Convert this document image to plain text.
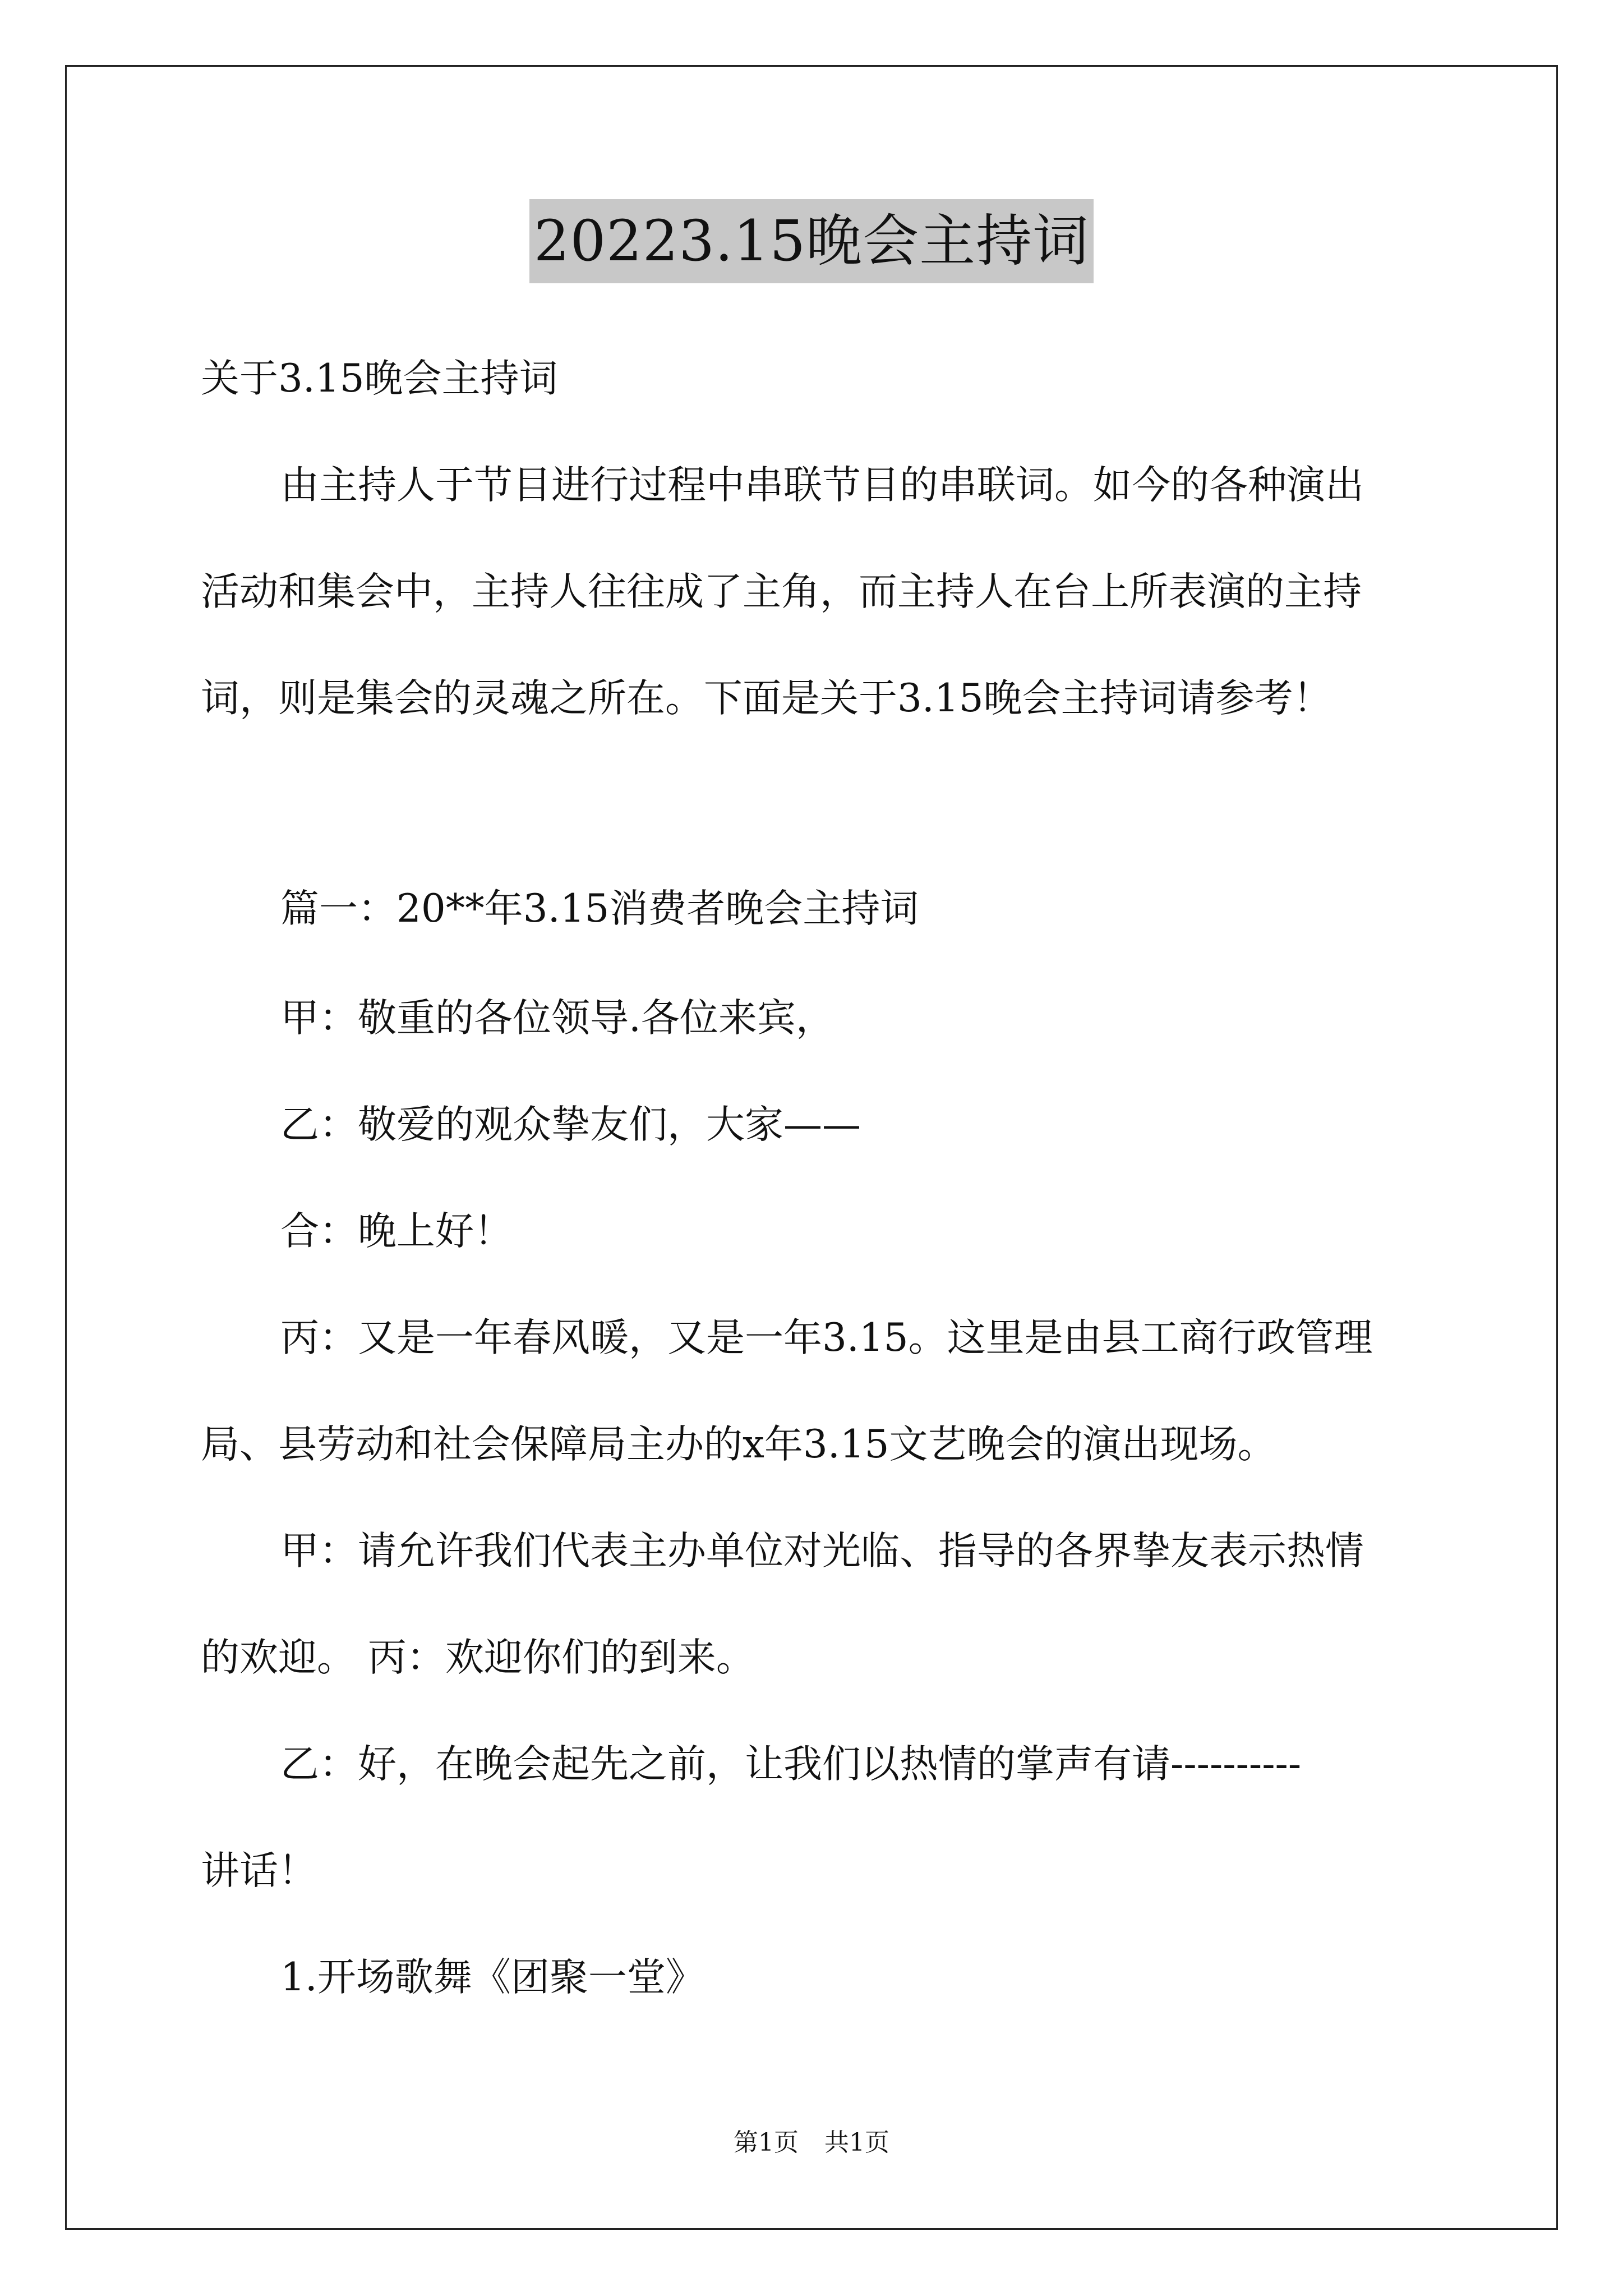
20223.15晚会主持词
关于3.15晚会主持词
由主持人于节目进行过程中串联节目的串联词。如今的各种演出
活动和集会中，主持人往往成了主角，而主持人在台上所表演的主持
词，则是集会的灵魂之所在。下面是关于3.15晚会主持词请参考！
篇一：20**年3.15消费者晚会主持词
甲：敬重的各位领导.各位来宾，
乙：敬爱的观众挚友们，大家——
合：晚上好！
丙：又是一年春风暖，又是一年3.15。这里是由县工商行政管理
局、县劳动和社会保障局主办的x年3.15文艺晚会的演出现场。
甲：请允许我们代表主办单位对光临、指导的各界挚友表示热情
的欢迎。 丙：欢迎你们的到来。
乙：好，在晚会起先之前，让我们以热情的掌声有请----------
讲话！
1.开场歌舞《团聚一堂》
第1页 共1页
